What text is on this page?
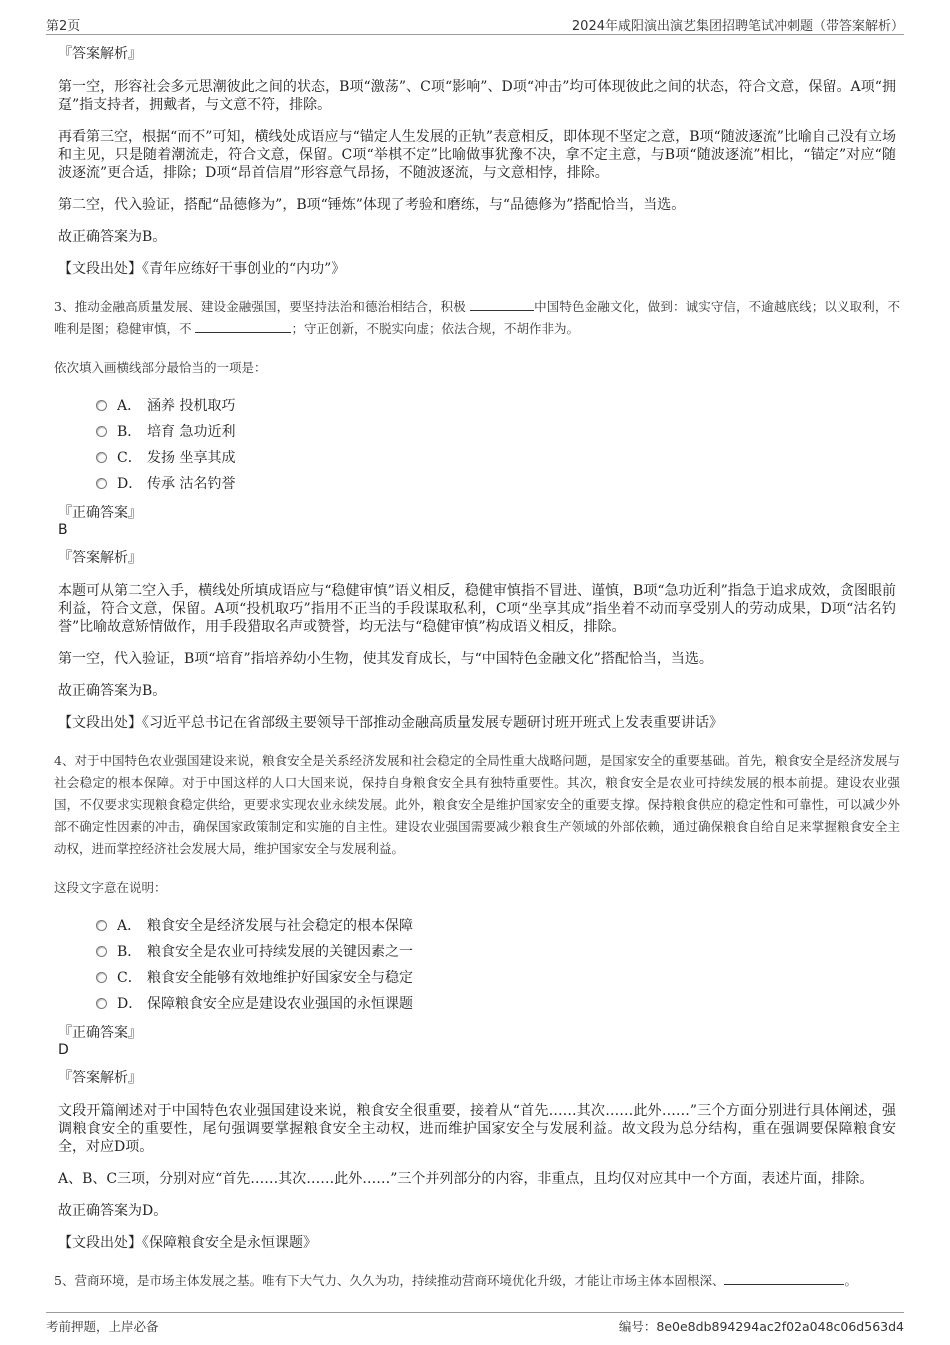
第2页	2024年咸阳演出演艺集团招聘笔试冲刺题（带答案解析）
『答案解析』

第一空，形容社会多元思潮彼此之间的状态，B项“激荡”、C项“影响”、D项“冲击”均可体现彼此之间的状态，符合文意，保留。A项“拥趸”指支持者，拥戴者，与文意不符，排除。

再看第三空，根据“而不”可知，横线处成语应与“锚定人生发展的正轨”表意相反，即体现不坚定之意，B项“随波逐流”比喻自己没有立场和主见，只是随着潮流走，符合文意，保留。C项“举棋不定”比喻做事犹豫不决，拿不定主意，与B项“随波逐流”相比，“锚定”对应“随波逐流”更合适，排除；D项“昂首信眉”形容意气昂扬，不随波逐流，与文意相悖，排除。

第二空，代入验证，搭配“品德修为”，B项“锤炼”体现了考验和磨练，与“品德修为”搭配恰当，当选。

故正确答案为B。

【文段出处】《青年应练好干事创业的“内功”》

3、推动金融高质量发展、建设金融强国，要坚持法治和德治相结合，积极	中国特色金融文化，做到：诚实守信，不逾越底线；以义取利，不唯利是图；稳健审慎，不	；守正创新，不脱实向虚；依法合规，不胡作非为。
依次填入画横线部分最恰当的一项是：
A． 涵养 投机取巧
B． 培育 急功近利
C． 发扬 坐享其成
D． 传承 沽名钓誉
『正确答案』
B
『答案解析』

本题可从第二空入手，横线处所填成语应与“稳健审慎”语义相反，稳健审慎指不冒进、谨慎，B项“急功近利”指急于追求成效，贪图眼前利益，符合文意，保留。A项“投机取巧”指用不正当的手段谋取私利，C项“坐享其成”指坐着不动而享受别人的劳动成果，D项“沽名钓誉”比喻故意矫情做作，用手段猎取名声或赞誉，均无法与“稳健审慎”构成语义相反，排除。

第一空，代入验证，B项“培育”指培养幼小生物，使其发育成长，与“中国特色金融文化”搭配恰当，当选。

故正确答案为B。

【文段出处】《习近平总书记在省部级主要领导干部推动金融高质量发展专题研讨班开班式上发表重要讲话》

4、对于中国特色农业强国建设来说，粮食安全是关系经济发展和社会稳定的全局性重大战略问题，是国家安全的重要基础。首先，粮食安全是经济发展与社会稳定的根本保障。对于中国这样的人口大国来说，保持自身粮食安全具有独特重要性。其次，粮食安全是农业可持续发展的根本前提。建设农业强国，不仅要求实现粮食稳定供给，更要求实现农业永续发展。此外，粮食安全是维护国家安全的重要支撑。保持粮食供应的稳定性和可靠性，可以减少外部不确定性因素的冲击，确保国家政策制定和实施的自主性。建设农业强国需要减少粮食生产领域的外部依赖，通过确保粮食自给自足来掌握粮食安全主动权，进而掌控经济社会发展大局，维护国家安全与发展利益。
这段文字意在说明：
A． 粮食安全是经济发展与社会稳定的根本保障
B． 粮食安全是农业可持续发展的关键因素之一
C． 粮食安全能够有效地维护好国家安全与稳定
D． 保障粮食安全应是建设农业强国的永恒课题
『正确答案』
D
『答案解析』

文段开篇阐述对于中国特色农业强国建设来说，粮食安全很重要，接着从“首先……其次……此外……”三个方面分别进行具体阐述，强调粮食安全的重要性，尾句强调要掌握粮食安全主动权，进而维护国家安全与发展利益。故文段为总分结构，重在强调要保障粮食安全，对应D项。

A、B、C三项，分别对应“首先……其次……此外……”三个并列部分的内容，非重点，且均仅对应其中一个方面，表述片面，排除。

故正确答案为D。

【文段出处】《保障粮食安全是永恒课题》

5、营商环境，是市场主体发展之基。唯有下大气力、久久为功，持续推动营商环境优化升级，才能让市场主体本固根深、	。
考前押题，上岸必备	编号：8e0e8db894294ac2f02a048c06d563d4
